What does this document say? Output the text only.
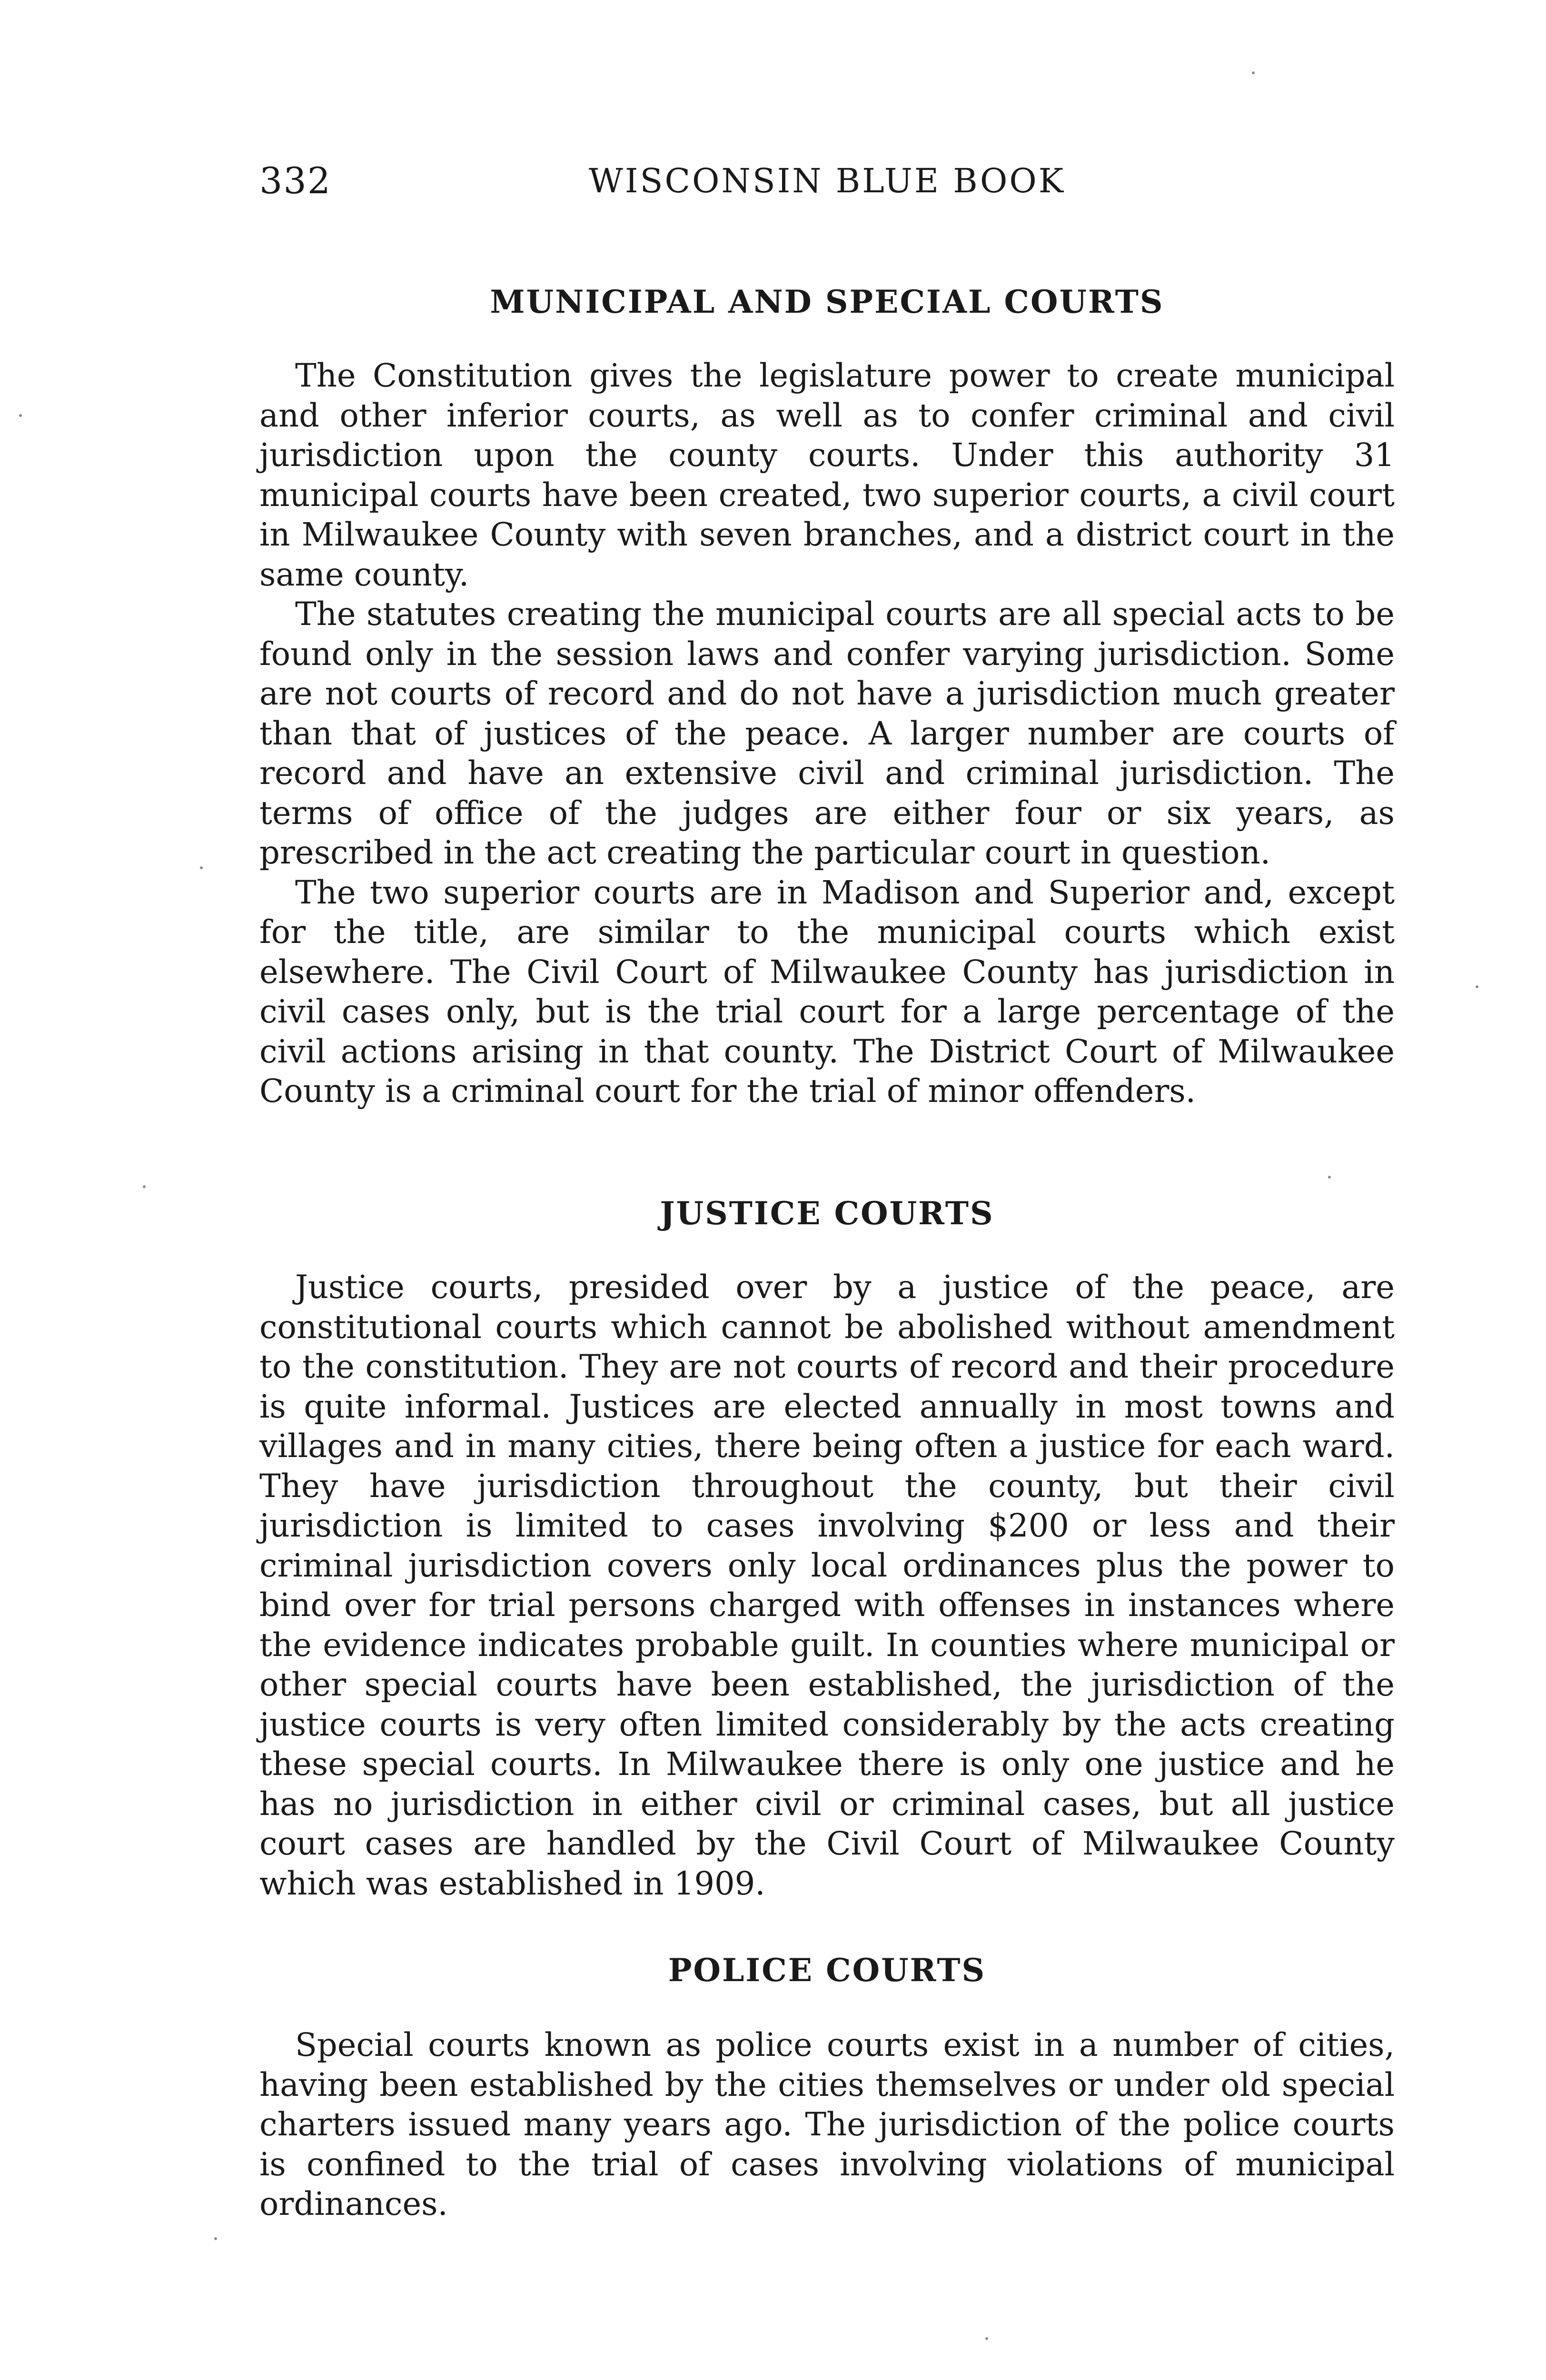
332	WISCONSIN BLUE BOOK
MUNICIPAL AND SPECIAL COURTS

The Constitution gives the legislature power to create municipal and other inferior courts, as well as to confer criminal and civil jurisdiction upon the county courts. Under this authority 31 municipal courts have been created, two superior courts, a civil court in Milwaukee County with seven branches, and a district court in the same county.

The statutes creating the municipal courts are all special acts to be found only in the session laws and confer varying jurisdiction. Some are not courts of record and do not have a jurisdiction much greater than that of justices of the peace. A larger number are courts of record and have an extensive civil and criminal jurisdiction. The terms of office of the judges are either four or six years, as prescribed in the act creating the particular court in question.

The two superior courts are in Madison and Superior and, except for the title, are similar to the municipal courts which exist elsewhere. The Civil Court of Milwaukee County has jurisdiction in civil cases only, but is the trial court for a large percentage of the civil actions arising in that county. The District Court of Milwaukee County is a criminal court for the trial of minor offenders.

JUSTICE COURTS

Justice courts, presided over by a justice of the peace, are constitutional courts which cannot be abolished without amendment to the constitution. They are not courts of record and their procedure is quite informal. Justices are elected annually in most towns and villages and in many cities, there being often a justice for each ward. They have jurisdiction throughout the county, but their civil jurisdiction is limited to cases involving $200 or less and their criminal jurisdiction covers only local ordinances plus the power to bind over for trial persons charged with offenses in instances where the evidence indicates probable guilt. In counties where municipal or other special courts have been established, the jurisdiction of the justice courts is very often limited considerably by the acts creating these special courts. In Milwaukee there is only one justice and he has no jurisdiction in either civil or criminal cases, but all justice court cases are handled by the Civil Court of Milwaukee County which was established in 1909.

POLICE COURTS

Special courts known as police courts exist in a number of cities, having been established by the cities themselves or under old special charters issued many years ago. The jurisdiction of the police courts is confined to the trial of cases involving violations of municipal ordinances.
